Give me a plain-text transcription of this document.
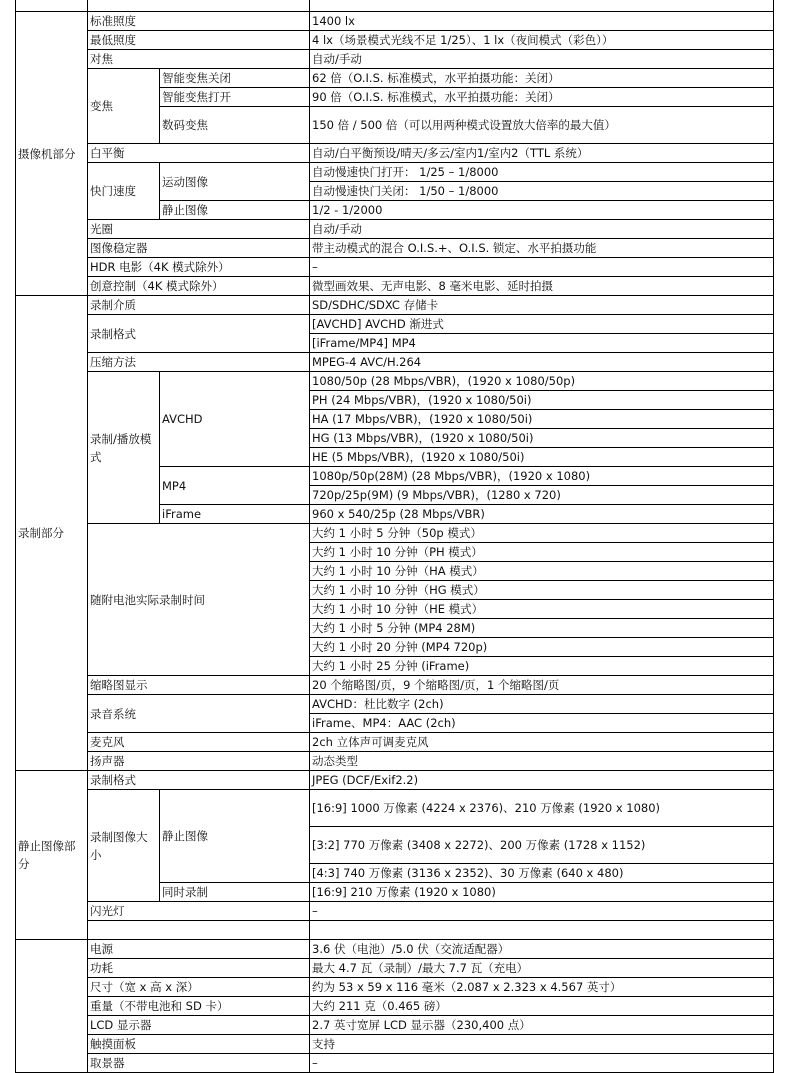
摄像机部分	标准照度		1400 lx
	最低照度		4 lx（场景模式光线不足 1/25）、1 lx（夜间模式（彩色））
	对焦		自动/手动
	变焦	智能变焦关闭	62 倍（O.I.S. 标准模式，水平拍摄功能：关闭）
		智能变焦打开	90 倍（O.I.S. 标准模式，水平拍摄功能：关闭）
		数码变焦	150 倍 / 500 倍（可以用两种模式设置放大倍率的最大值）
	白平衡		自动/白平衡预设/晴天/多云/室内1/室内2（TTL 系统）
	快门速度	运动图像	自动慢速快门打开： 1/25 – 1/8000
			自动慢速快门关闭： 1/50 – 1/8000
		静止图像	1/2 - 1/2000
	光圈		自动/手动
	图像稳定器		带主动模式的混合 O.I.S.+、O.I.S. 锁定、水平拍摄功能
	HDR 电影（4K 模式除外）		–
	创意控制（4K 模式除外）		微型画效果、无声电影、8 毫米电影、延时拍摄
录制部分	录制介质		SD/SDHC/SDXC 存储卡
	录制格式		[AVCHD] AVCHD 渐进式
			[iFrame/MP4] MP4
	压缩方法		MPEG-4 AVC/H.264
	录制/播放模式	AVCHD	1080/50p (28 Mbps/VBR)，(1920 x 1080/50p)
			PH (24 Mbps/VBR)，(1920 x 1080/50i)
			HA (17 Mbps/VBR)，(1920 x 1080/50i)
			HG (13 Mbps/VBR)，(1920 x 1080/50i)
			HE (5 Mbps/VBR)，(1920 x 1080/50i)
		MP4	1080p/50p(28M) (28 Mbps/VBR)，(1920 x 1080)
			720p/25p(9M) (9 Mbps/VBR)，(1280 x 720)
		iFrame	960 x 540/25p (28 Mbps/VBR)
	随附电池实际录制时间		大约 1 小时 5 分钟（50p 模式）
			大约 1 小时 10 分钟（PH 模式）
			大约 1 小时 10 分钟（HA 模式）
			大约 1 小时 10 分钟（HG 模式）
			大约 1 小时 10 分钟（HE 模式）
			大约 1 小时 5 分钟 (MP4 28M)
			大约 1 小时 20 分钟 (MP4 720p)
			大约 1 小时 25 分钟 (iFrame)
	缩略图显示		20 个缩略图/页，9 个缩略图/页，1 个缩略图/页
	录音系统		AVCHD：杜比数字 (2ch)
			iFrame、MP4：AAC (2ch)
	麦克风		2ch 立体声可调麦克风
	扬声器		动态类型
静止图像部分	录制格式		JPEG (DCF/Exif2.2)
	录制图像大小	静止图像	[16:9] 1000 万像素 (4224 x 2376)、210 万像素 (1920 x 1080)
			[3:2] 770 万像素 (3408 x 2272)、200 万像素 (1728 x 1152)
			[4:3] 740 万像素 (3136 x 2352)、30 万像素 (640 x 480)
		同时录制	[16:9] 210 万像素 (1920 x 1080)
	闪光灯		–

	电源		3.6 伏（电池）/5.0 伏（交流适配器）
	功耗		最大 4.7 瓦（录制）/最大 7.7 瓦（充电）
	尺寸（宽 x 高 x 深）		约为 53 x 59 x 116 毫米（2.087 x 2.323 x 4.567 英寸）
	重量（不带电池和 SD 卡）		大约 211 克（0.465 磅）
	LCD 显示器		2.7 英寸宽屏 LCD 显示器（230,400 点）
	触摸面板		支持
	取景器		–
